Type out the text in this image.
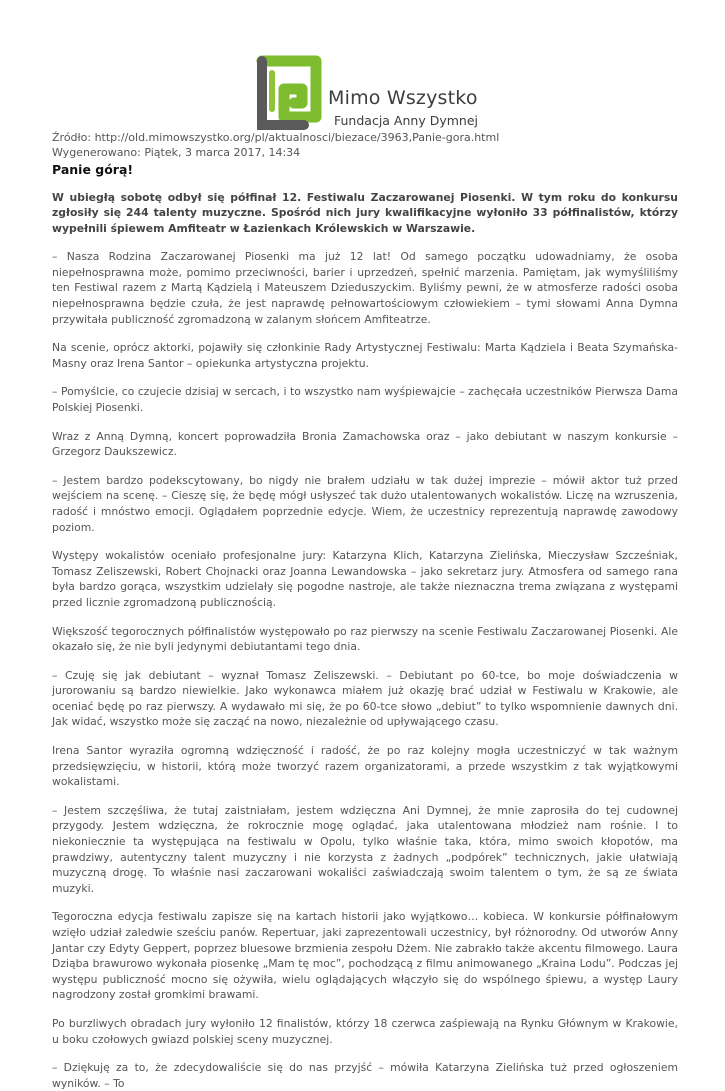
Mimo Wszystko
Fundacja Anny Dymnej
Źródło: http://old.mimowszystko.org/pl/aktualnosci/biezace/3963,Panie-gora.html
Wygenerowano: Piątek, 3 marca 2017, 14:34
Panie górą!
W ubiegłą sobotę odbył się półfinał 12. Festiwalu Zaczarowanej Piosenki. W tym roku do konkursu zgłosiły się 244 talenty muzyczne. Spośród nich jury kwalifikacyjne wyłoniło 33 półfinalistów, którzy wypełnili śpiewem Amfiteatr w Łazienkach Królewskich w Warszawie.
– Nasza Rodzina Zaczarowanej Piosenki ma już 12 lat! Od samego początku udowadniamy, że osoba niepełnosprawna może, pomimo przeciwności, barier i uprzedzeń, spełnić marzenia. Pamiętam, jak wymyśliliśmy ten Festiwal razem z Martą Kądzielą i Mateuszem Dzieduszyckim. Byliśmy pewni, że w atmosferze radości osoba niepełnosprawna będzie czuła, że jest naprawdę pełnowartościowym człowiekiem – tymi słowami Anna Dymna przywitała publiczność zgromadzoną w zalanym słońcem Amfiteatrze.
Na scenie, oprócz aktorki, pojawiły się członkinie Rady Artystycznej Festiwalu: Marta Kądziela i Beata Szymańska-Masny oraz Irena Santor – opiekunka artystyczna projektu.
– Pomyślcie, co czujecie dzisiaj w sercach, i to wszystko nam wyśpiewajcie – zachęcała uczestników Pierwsza Dama Polskiej Piosenki.
Wraz z Anną Dymną, koncert poprowadziła Bronia Zamachowska oraz – jako debiutant w naszym konkursie – Grzegorz Daukszewicz.
– Jestem bardzo podekscytowany, bo nigdy nie brałem udziału w tak dużej imprezie – mówił aktor tuż przed wejściem na scenę. – Cieszę się, że będę mógł usłyszeć tak dużo utalentowanych wokalistów. Liczę na wzruszenia, radość i mnóstwo emocji. Oglądałem poprzednie edycje. Wiem, że uczestnicy reprezentują naprawdę zawodowy poziom.
Występy wokalistów oceniało profesjonalne jury: Katarzyna Klich, Katarzyna Zielińska, Mieczysław Szcześniak, Tomasz Zeliszewski, Robert Chojnacki oraz Joanna Lewandowska – jako sekretarz jury. Atmosfera od samego rana była bardzo gorąca, wszystkim udzielały się pogodne nastroje, ale także nieznaczna trema związana z występami przed licznie zgromadzoną publicznością.
Większość tegorocznych półfinalistów występowało po raz pierwszy na scenie Festiwalu Zaczarowanej Piosenki. Ale okazało się, że nie byli jedynymi debiutantami tego dnia.
– Czuję się jak debiutant – wyznał Tomasz Zeliszewski. – Debiutant po 60-tce, bo moje doświadczenia w jurorowaniu są bardzo niewielkie. Jako wykonawca miałem już okazję brać udział w Festiwalu w Krakowie, ale oceniać będę po raz pierwszy. A wydawało mi się, że po 60-tce słowo „debiut” to tylko wspomnienie dawnych dni. Jak widać, wszystko może się zacząć na nowo, niezależnie od upływającego czasu.
Irena Santor wyraziła ogromną wdzięczność i radość, że po raz kolejny mogła uczestniczyć w tak ważnym przedsięwzięciu, w historii, którą może tworzyć razem organizatorami, a przede wszystkim z tak wyjątkowymi wokalistami.
– Jestem szczęśliwa, że tutaj zaistniałam, jestem wdzięczna Ani Dymnej, że mnie zaprosiła do tej cudownej przygody. Jestem wdzięczna, że rokrocznie mogę oglądać, jaka utalentowana młodzież nam rośnie. I to niekoniecznie ta występująca na festiwalu w Opolu, tylko właśnie taka, która, mimo swoich kłopotów, ma prawdziwy, autentyczny talent muzyczny i nie korzysta z żadnych „podpórek” technicznych, jakie ułatwiają muzyczną drogę. To właśnie nasi zaczarowani wokaliści zaświadczają swoim talentem o tym, że są ze świata muzyki.
Tegoroczna edycja festiwalu zapisze się na kartach historii jako wyjątkowo… kobieca. W konkursie półfinałowym wzięło udział zaledwie sześciu panów. Repertuar, jaki zaprezentowali uczestnicy, był różnorodny. Od utworów Anny Jantar czy Edyty Geppert, poprzez bluesowe brzmienia zespołu Dżem. Nie zabrakło także akcentu filmowego. Laura Dziąba brawurowo wykonała piosenkę „Mam tę moc”, pochodzącą z filmu animowanego „Kraina Lodu”. Podczas jej występu publiczność mocno się ożywiła, wielu oglądających włączyło się do wspólnego śpiewu, a występ Laury nagrodzony został gromkimi brawami.
Po burzliwych obradach jury wyłoniło 12 finalistów, którzy 18 czerwca zaśpiewają na Rynku Głównym w Krakowie, u boku czołowych gwiazd polskiej sceny muzycznej.
– Dziękuję za to, że zdecydowaliście się do nas przyjść – mówiła Katarzyna Zielińska tuż przed ogłoszeniem wyników. – To
